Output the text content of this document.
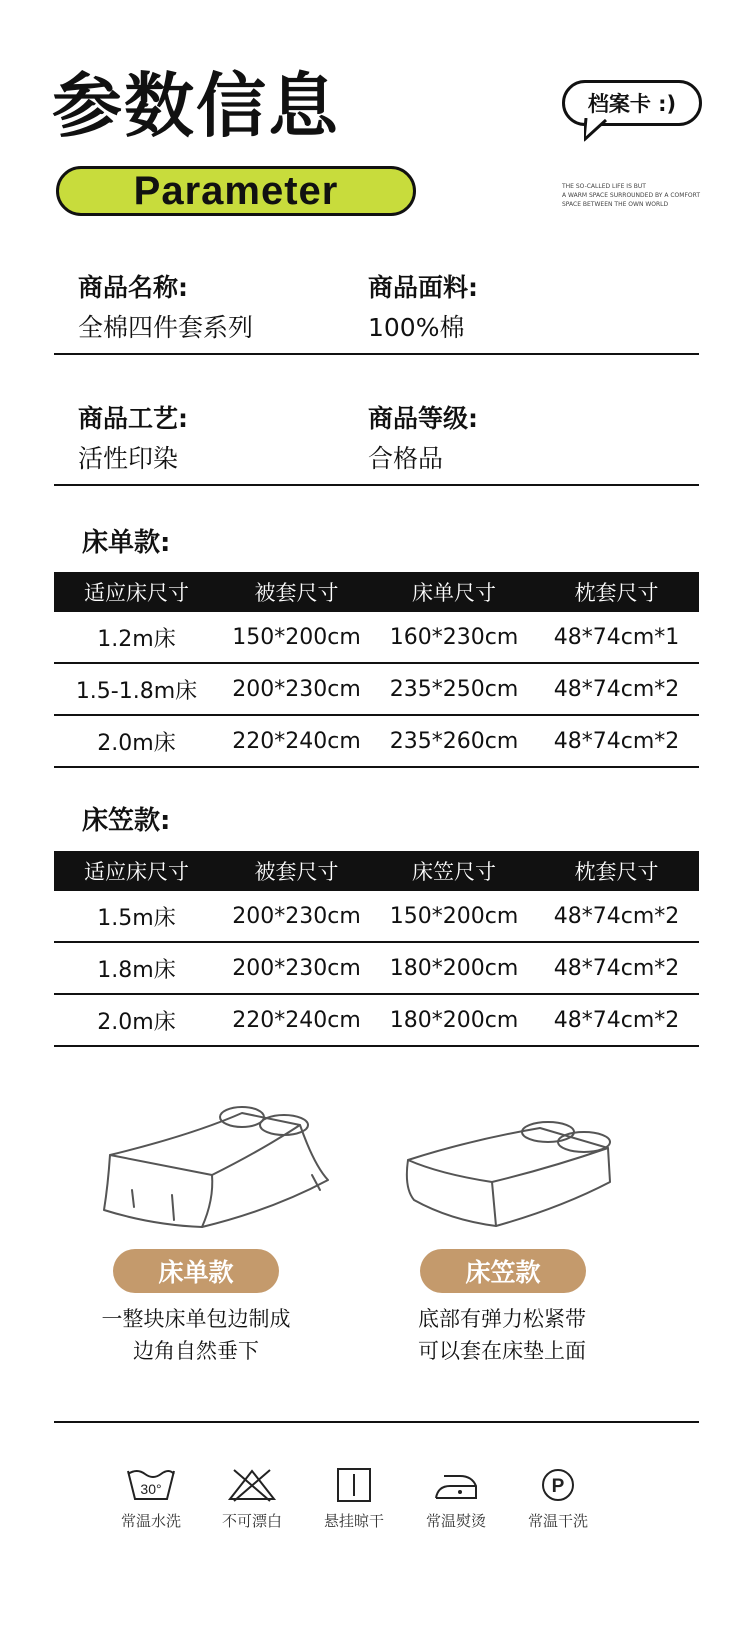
参数信息
Parameter
档案卡 :)
THE SO-CALLED LIFE IS BUT
A WARM SPACE SURROUNDED BY A COMFORT
SPACE BETWEEN THE OWN WORLD
商品名称:
全棉四件套系列
商品面料:
100%棉
商品工艺:
活性印染
商品等级:
合格品
床单款:
适应床尺寸	被套尺寸	床单尺寸	枕套尺寸
1.2m床	150*200cm	160*230cm	48*74cm*1
1.5-1.8m床	200*230cm	235*250cm	48*74cm*2
2.0m床	220*240cm	235*260cm	48*74cm*2
床笠款:
适应床尺寸	被套尺寸	床笠尺寸	枕套尺寸
1.5m床	200*230cm	150*200cm	48*74cm*2
1.8m床	200*230cm	180*200cm	48*74cm*2
2.0m床	220*240cm	180*200cm	48*74cm*2
床单款
一整块床单包边制成
边角自然垂下
床笠款
底部有弹力松紧带
可以套在床垫上面
30°
常温水洗	不可漂白	悬挂晾干	常温熨烫
P
常温干洗
